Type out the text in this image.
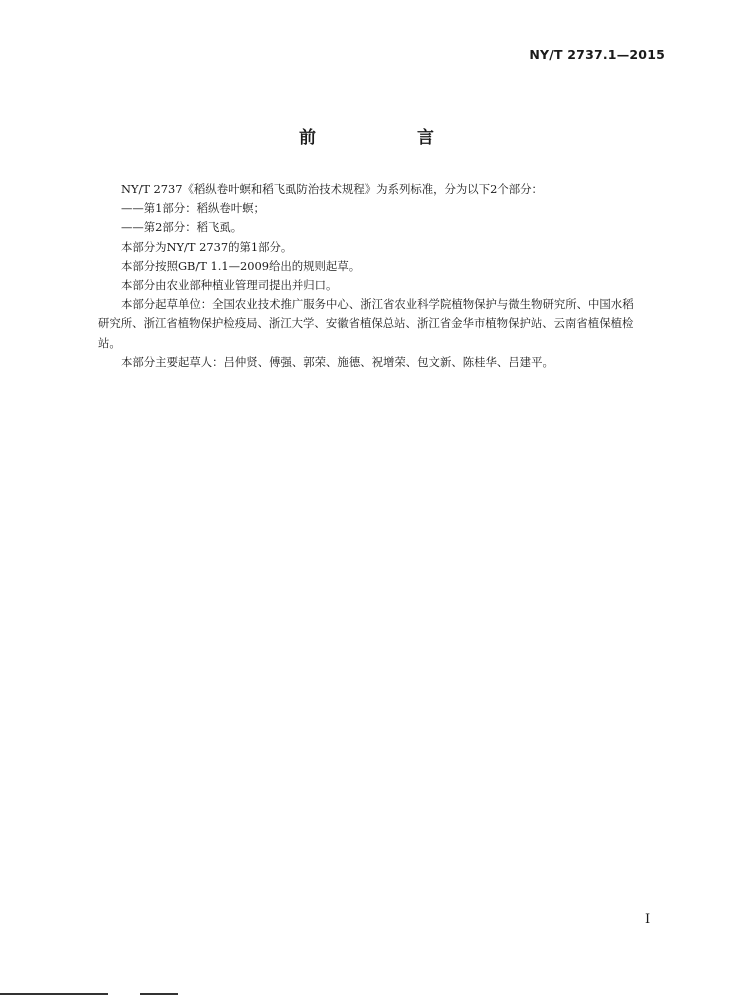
NY/T 2737.1—2015
前　言

NY/T 2737《稻纵卷叶螟和稻飞虱防治技术规程》为系列标准，分为以下2个部分：

——第1部分：稻纵卷叶螟；

——第2部分：稻飞虱。

本部分为NY/T 2737的第1部分。

本部分按照GB/T 1.1—2009给出的规则起草。

本部分由农业部种植业管理司提出并归口。

本部分起草单位：全国农业技术推广服务中心、浙江省农业科学院植物保护与微生物研究所、中国水稻研究所、浙江省植物保护检疫局、浙江大学、安徽省植保总站、浙江省金华市植物保护站、云南省植保植检站。

本部分主要起草人：吕仲贤、傅强、郭荣、施德、祝增荣、包文新、陈桂华、吕建平。

I
